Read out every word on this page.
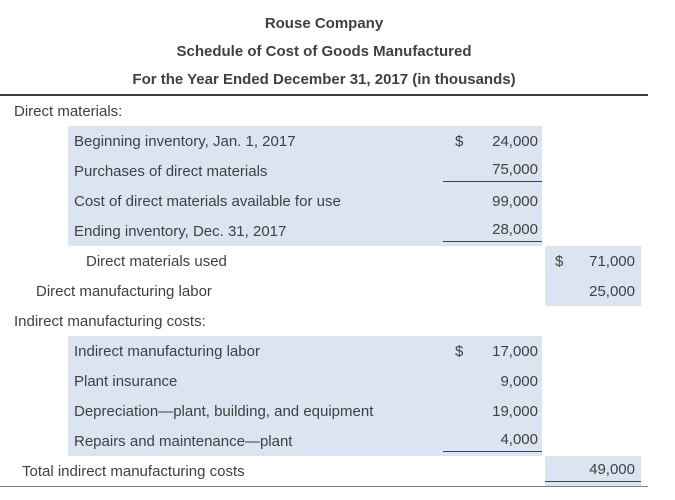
Rouse Company
Schedule of Cost of Goods Manufactured
For the Year Ended December 31, 2017 (in thousands)
Direct materials:
Beginning inventory, Jan. 1, 2017	$ 24,000
Purchases of direct materials	75,000
Cost of direct materials available for use	99,000
Ending inventory, Dec. 31, 2017	28,000
Direct materials used	$ 71,000
Direct manufacturing labor	25,000
Indirect manufacturing costs:
Indirect manufacturing labor	$ 17,000
Plant insurance	9,000
Depreciation—plant, building, and equipment	19,000
Repairs and maintenance—plant	4,000
Total indirect manufacturing costs	49,000
